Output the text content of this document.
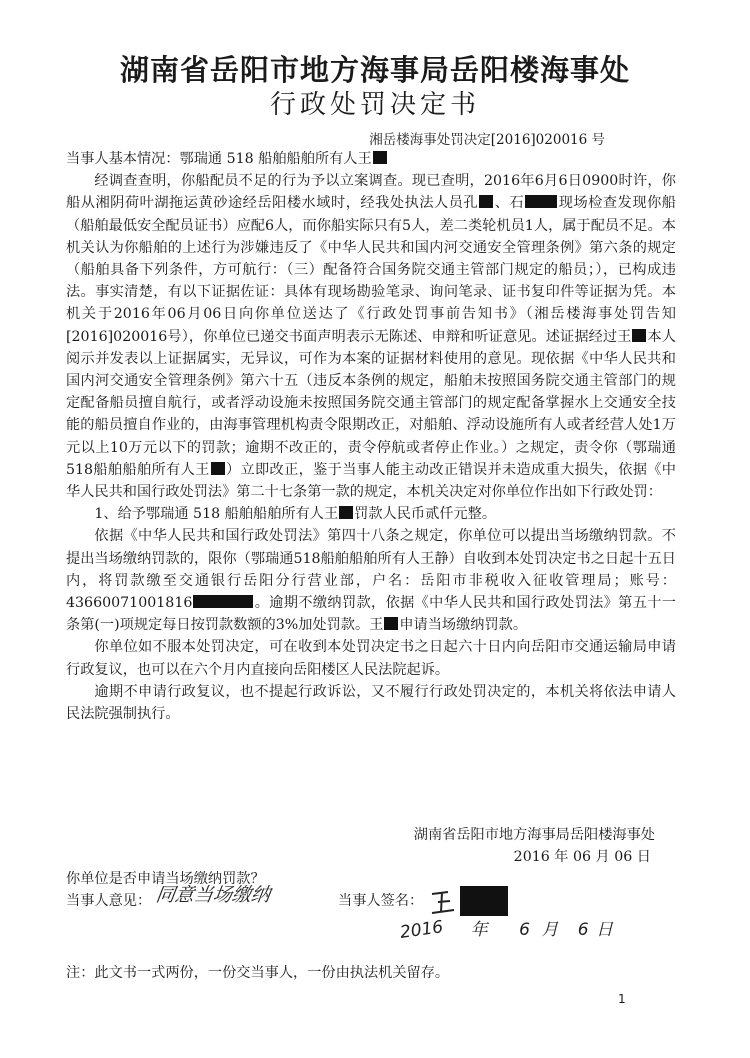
湖南省岳阳市地方海事局岳阳楼海事处
行政处罚决定书
湘岳楼海事处罚决定[2016]020016 号

当事人基本情况：鄂瑞通 518 船舶船舶所有人王

经调查查明，你船配员不足的行为予以立案调查。现已查明，2016年6月6日0900时许，你船从湘阴荷叶湖拖运黄砂途经岳阳楼水域时，经我处执法人员孔 、石 现场检查发现你船（船舶最低安全配员证书）应配6人，而你船实际只有5人，差二类轮机员1人，属于配员不足。本机关认为你船舶的上述行为涉嫌违反了《中华人民共和国内河交通安全管理条例》第六条的规定（船舶具备下列条件，方可航行：（三）配备符合国务院交通主管部门规定的船员；），已构成违法。事实清楚，有以下证据佐证：具体有现场勘验笔录、询问笔录、证书复印件等证据为凭。本机关于2016年06月06日向你单位送达了《行政处罚事前告知书》（湘岳楼海事处罚告知[2016]020016号），你单位已递交书面声明表示无陈述、申辩和听证意见。述证据经过王 本人阅示并发表以上证据属实，无异议，可作为本案的证据材料使用的意见。现依据《中华人民共和国内河交通安全管理条例》第六十五（违反本条例的规定，船舶未按照国务院交通主管部门的规定配备船员擅自航行，或者浮动设施未按照国务院交通主管部门的规定配备掌握水上交通安全技能的船员擅自作业的，由海事管理机构责令限期改正，对船舶、浮动设施所有人或者经营人处1万元以上10万元以下的罚款；逾期不改正的，责令停航或者停止作业。）之规定，责令你（鄂瑞通518船舶船舶所有人王 ）立即改正，鉴于当事人能主动改正错误并未造成重大损失，依据《中华人民共和国行政处罚法》第二十七条第一款的规定，本机关决定对你单位作出如下行政处罚：

1、给予鄂瑞通 518 船舶船舶所有人王 罚款人民币贰仟元整。

依据《中华人民共和国行政处罚法》第四十八条之规定，你单位可以提出当场缴纳罚款。不提出当场缴纳罚款的，限你（鄂瑞通518船舶船舶所有人王静）自收到本处罚决定书之日起十五日内，将罚款缴至交通银行岳阳分行营业部，户名：岳阳市非税收入征收管理局；账号：43660071001816	。逾期不缴纳罚款，依据《中华人民共和国行政处罚法》第五十一条第(一)项规定每日按罚款数额的3%加处罚款。王 申请当场缴纳罚款。

你单位如不服本处罚决定，可在收到本处罚决定书之日起六十日内向岳阳市交通运输局申请行政复议，也可以在六个月内直接向岳阳楼区人民法院起诉。

逾期不申请行政复议，也不提起行政诉讼，又不履行行政处罚决定的，本机关将依法申请人民法院强制执行。

湖南省岳阳市地方海事局岳阳楼海事处
2016 年 06 月 06 日
你单位是否申请当场缴纳罚款？
当事人意见： 同意当场缴纳	当事人签名：
2016 年 6 月 6 日
注：此文书一式两份，一份交当事人，一份由执法机关留存。
1
